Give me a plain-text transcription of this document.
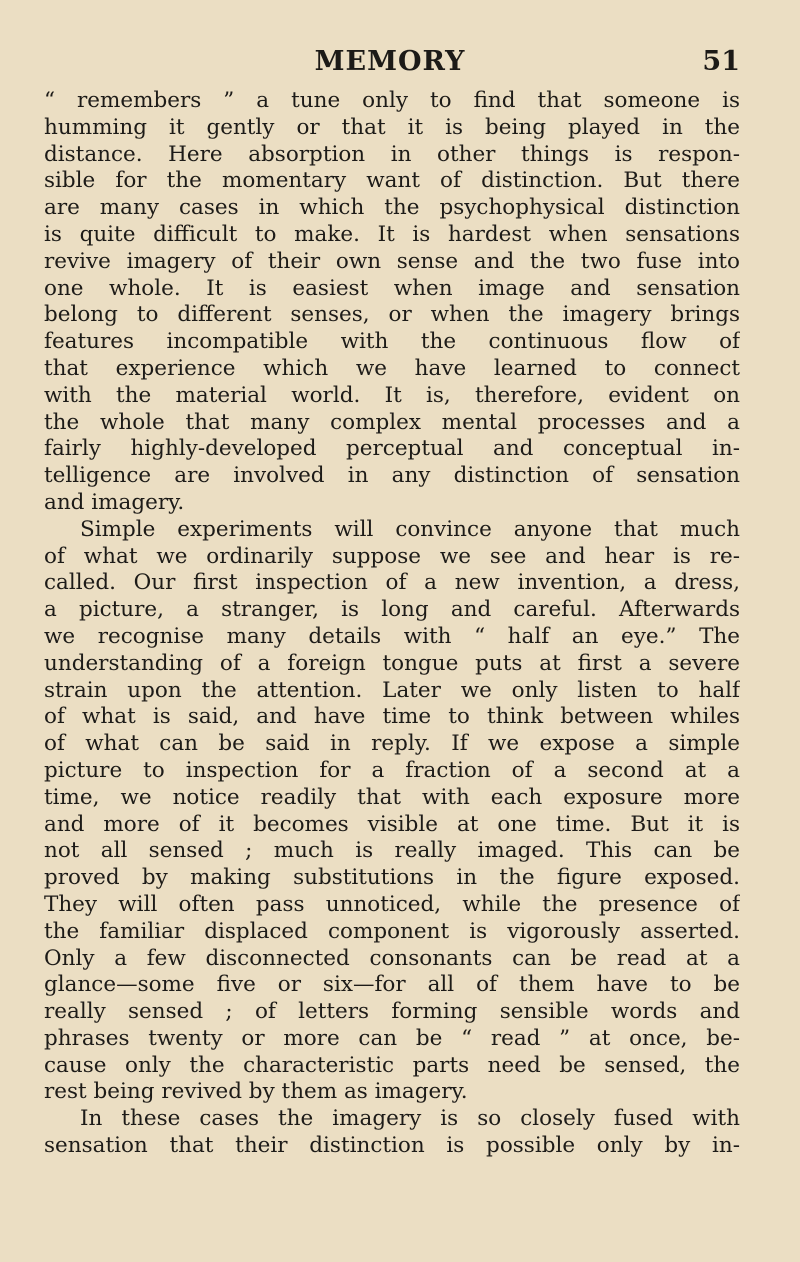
MEMORY	51
“ remembers ” a tune only to find that someone is
humming it gently or that it is being played in the
distance. Here absorption in other things is respon-
sible for the momentary want of distinction. But there
are many cases in which the psychophysical distinction
is quite difficult to make. It is hardest when sensations
revive imagery of their own sense and the two fuse into
one whole. It is easiest when image and sensation
belong to different senses, or when the imagery brings
features incompatible with the continuous flow of
that experience which we have learned to connect
with the material world. It is, therefore, evident on
the whole that many complex mental processes and a
fairly highly-developed perceptual and conceptual in-
telligence are involved in any distinction of sensation
and imagery.
Simple experiments will convince anyone that much
of what we ordinarily suppose we see and hear is re-
called. Our first inspection of a new invention, a dress,
a picture, a stranger, is long and careful. Afterwards
we recognise many details with “ half an eye.” The
understanding of a foreign tongue puts at first a severe
strain upon the attention. Later we only listen to half
of what is said, and have time to think between whiles
of what can be said in reply. If we expose a simple
picture to inspection for a fraction of a second at a
time, we notice readily that with each exposure more
and more of it becomes visible at one time. But it is
not all sensed ; much is really imaged. This can be
proved by making substitutions in the figure exposed.
They will often pass unnoticed, while the presence of
the familiar displaced component is vigorously asserted.
Only a few disconnected consonants can be read at a
glance—some five or six—for all of them have to be
really sensed ; of letters forming sensible words and
phrases twenty or more can be “ read ” at once, be-
cause only the characteristic parts need be sensed, the
rest being revived by them as imagery.
In these cases the imagery is so closely fused with
sensation that their distinction is possible only by in-
